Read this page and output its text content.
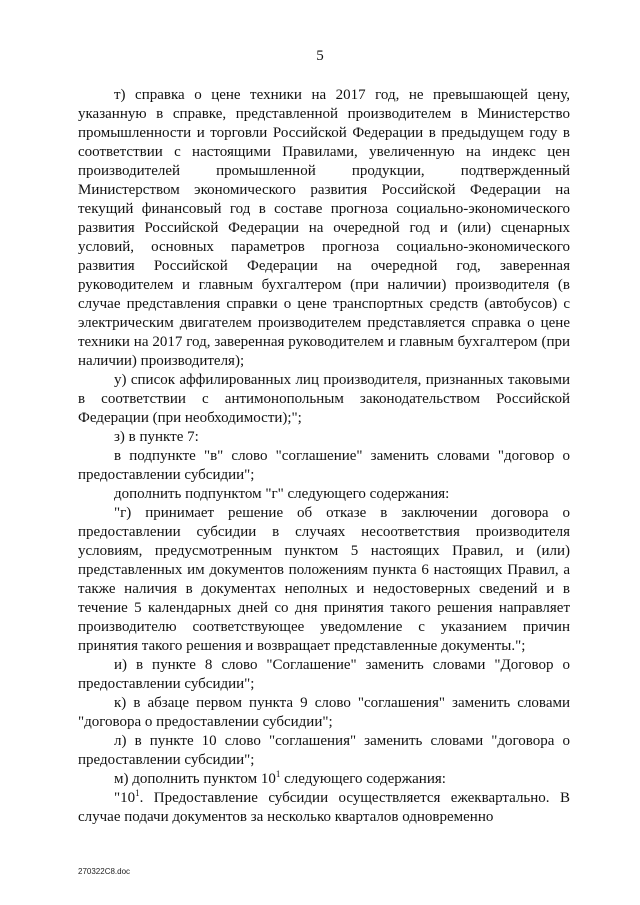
5

т) справка о цене техники на 2017 год, не превышающей цену, указанную в справке, представленной производителем в Министерство промышленности и торговли Российской Федерации в предыдущем году в соответствии с настоящими Правилами, увеличенную на индекс цен производителей промышленной продукции, подтвержденный Министерством экономического развития Российской Федерации на текущий финансовый год в составе прогноза социально-экономического развития Российской Федерации на очередной год и (или) сценарных условий, основных параметров прогноза социально-экономического развития Российской Федерации на очередной год, заверенная руководителем и главным бухгалтером (при наличии) производителя (в случае представления справки о цене транспортных средств (автобусов) с электрическим двигателем производителем представляется справка о цене техники на 2017 год, заверенная руководителем и главным бухгалтером (при наличии) производителя);

у) список аффилированных лиц производителя, признанных таковыми в соответствии с антимонопольным законодательством Российской Федерации (при необходимости);";

з) в пункте 7:

в подпункте "в" слово "соглашение" заменить словами "договор о предоставлении субсидии";

дополнить подпунктом "г" следующего содержания:

"г) принимает решение об отказе в заключении договора о предоставлении субсидии в случаях несоответствия производителя условиям, предусмотренным пунктом 5 настоящих Правил, и (или) представленных им документов положениям пункта 6 настоящих Правил, а также наличия в документах неполных и недостоверных сведений и в течение 5 календарных дней со дня принятия такого решения направляет производителю соответствующее уведомление с указанием причин принятия такого решения и возвращает представленные документы.";

и) в пункте 8 слово "Соглашение" заменить словами "Договор о предоставлении субсидии";

к) в абзаце первом пункта 9 слово "соглашения" заменить словами "договора о предоставлении субсидии";

л) в пункте 10 слово "соглашения" заменить словами "договора о предоставлении субсидии";

м) дополнить пунктом $10^1$ следующего содержания:

"$10^1$. Предоставление субсидии осуществляется ежеквартально. В случае подачи документов за несколько кварталов одновременно

270322С8.doc
